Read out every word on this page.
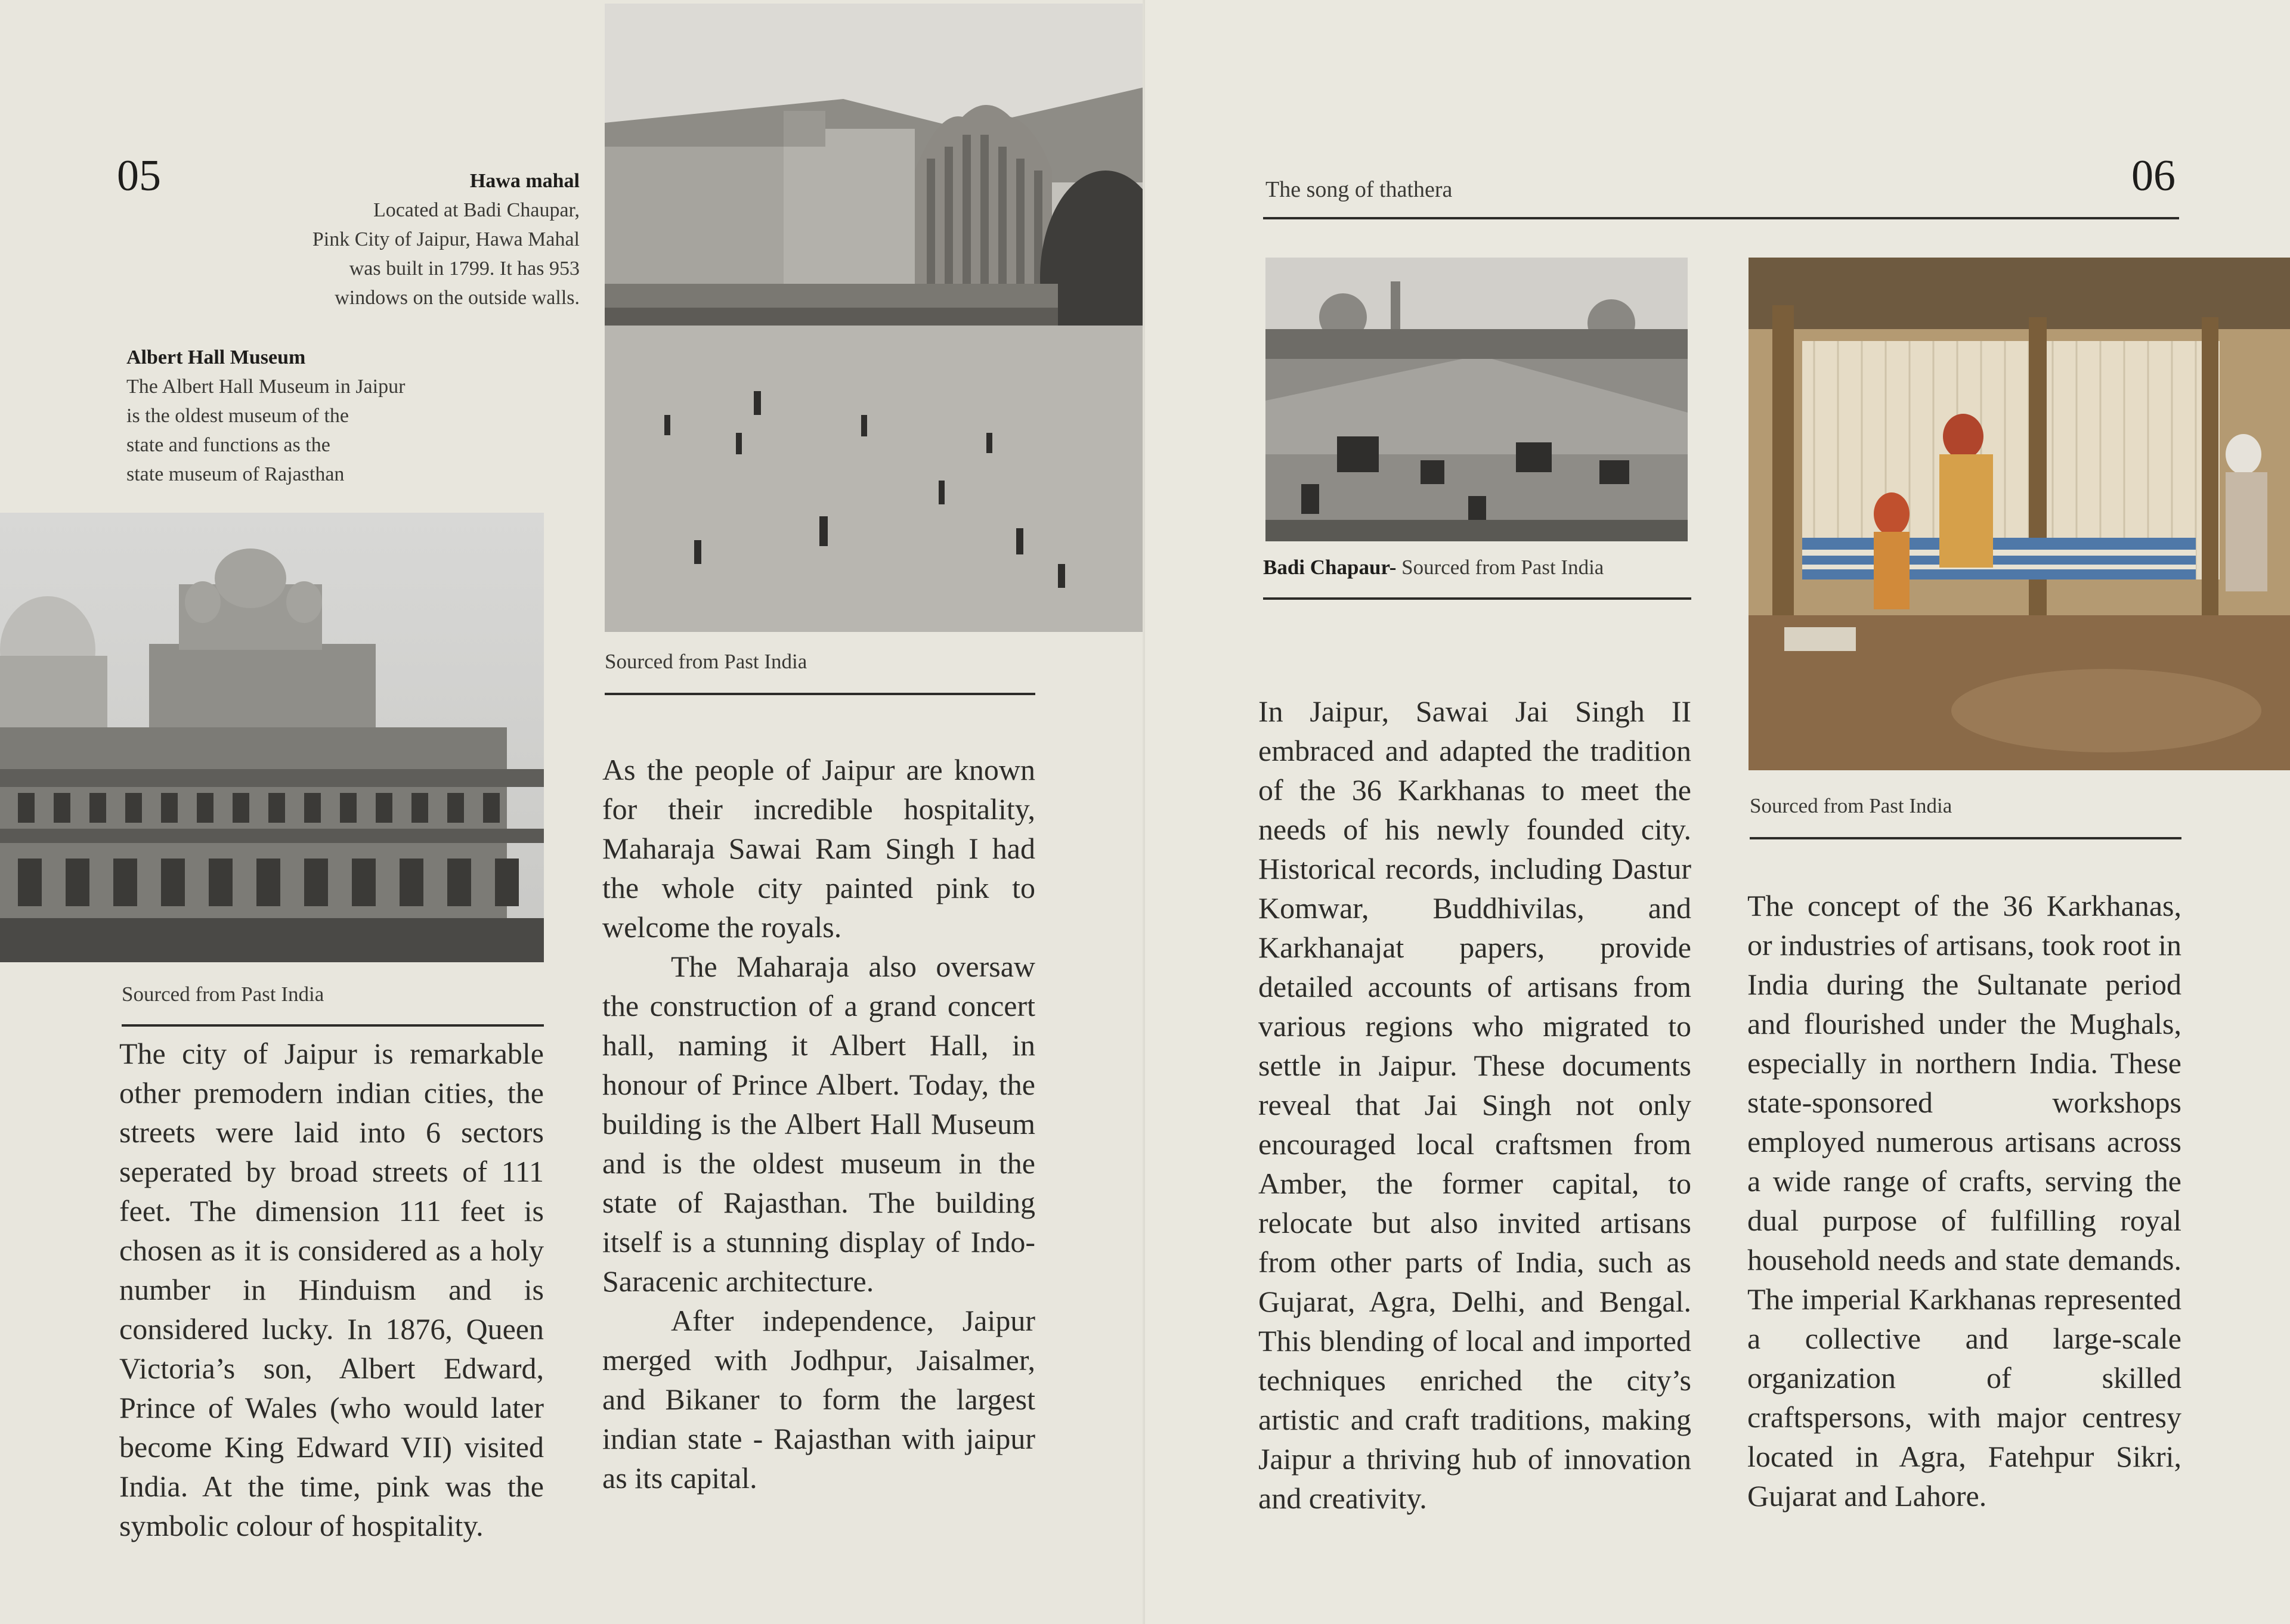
05	Hawa mahal
Located at Badi Chaupar,
Pink City of Jaipur, Hawa Mahal
was built in 1799. It has 953
windows on the outside walls.
Albert Hall Museum
The Albert Hall Museum in Jaipur
is the oldest museum of the
state and functions as the
state museum of Rajasthan
Sourced from Past India

The city of Jaipur is remarkable other premodern indian cities, the streets were laid into 6 sectors seperated by broad streets of 111 feet. The dimension 111 feet is chosen as it is considered as a holy number in Hinduism and is considered lucky. In 1876, Queen Victoria’s son, Albert Edward, Prince of Wales (who would later become King Edward VII) visited India. At the time, pink was the symbolic colour of hospitality.

Sourced from Past India

As the people of Jaipur are known for their incredible hospitality, Maharaja Sawai Ram Singh I had the whole city painted pink to welcome the royals.

The Maharaja also oversaw the construction of a grand concert hall, naming it Albert Hall, in honour of Prince Albert. Today, the building is the Albert Hall Museum and is the oldest museum in the state of Rajasthan. The building itself is a stunning display of Indo-Saracenic architecture.

After independence, Jaipur merged with Jodhpur, Jaisalmer, and Bikaner to form the largest indian state - Rajasthan with jaipur as its capital.

The song of thathera	06
Badi Chapaur- Sourced from Past India

In Jaipur, Sawai Jai Singh II embraced and adapted the tradition of the 36 Karkhanas to meet the needs of his newly founded city. Historical records, including Dastur Komwar, Buddhivilas, and Karkhanajat papers, provide detailed accounts of artisans from various regions who migrated to settle in Jaipur. These documents reveal that Jai Singh not only encouraged local craftsmen from Amber, the former capital, to relocate but also invited artisans from other parts of India, such as Gujarat, Agra, Delhi, and Bengal. This blending of local and imported techniques enriched the city’s artistic and craft traditions, making Jaipur a thriving hub of innovation and creativity.

Sourced from Past India

The concept of the 36 Karkhanas, or industries of artisans, took root in India during the Sultanate period and flourished under the Mughals, especially in northern India. These state-sponsored workshops employed numerous artisans across a wide range of crafts, serving the dual purpose of fulfilling royal household needs and state demands. The imperial Karkhanas represented a collective and large-scale organization of skilled craftspersons, with major centresy located in Agra, Fatehpur Sikri, Gujarat and Lahore.
